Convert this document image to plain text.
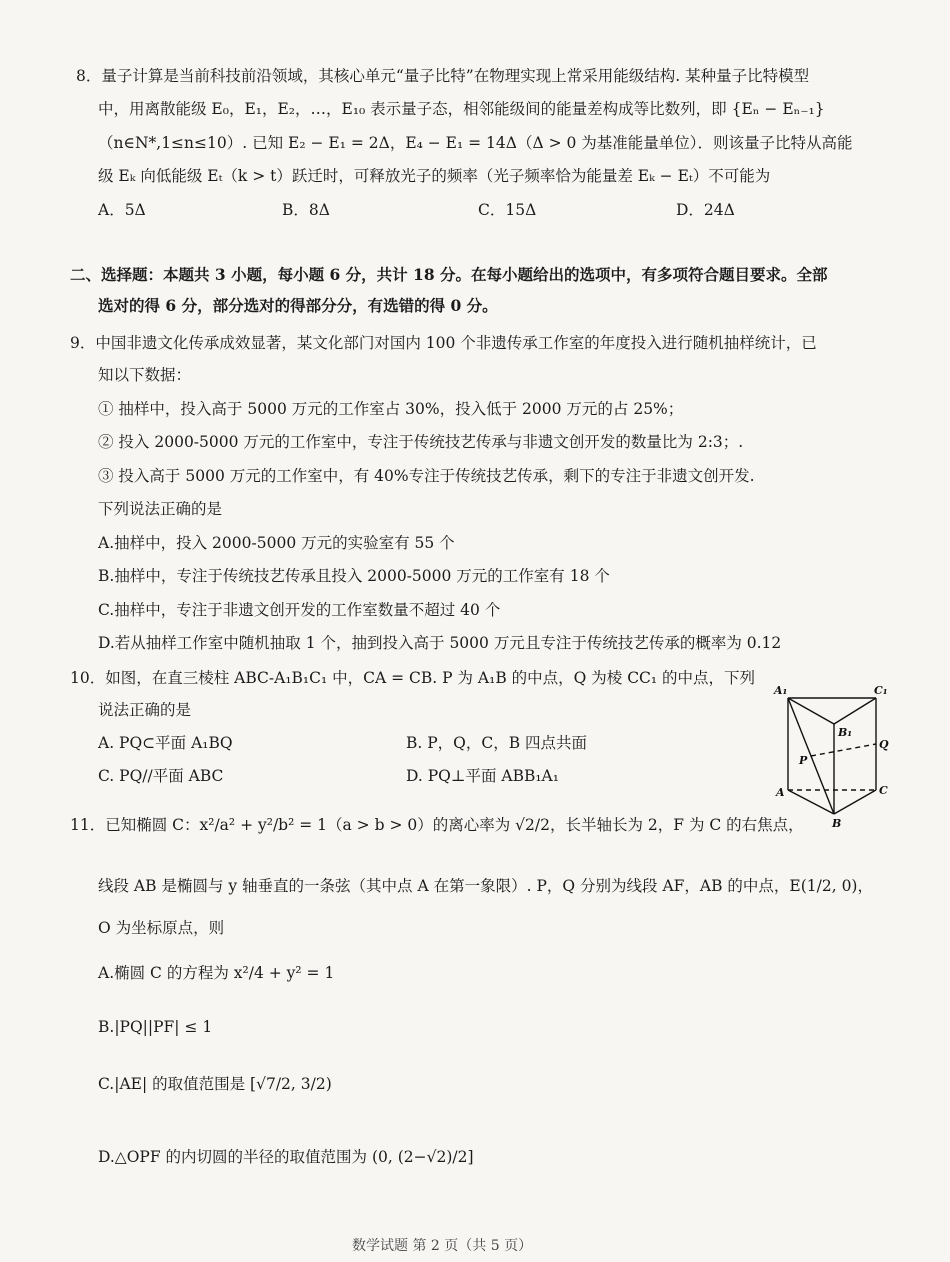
8．量子计算是当前科技前沿领域，其核心单元“量子比特”在物理实现上常采用能级结构. 某种量子比特模型
中，用离散能级 E₀，E₁，E₂，…，E₁₀ 表示量子态，相邻能级间的能量差构成等比数列，即 {Eₙ − Eₙ₋₁}
（n∈N*,1≤n≤10）. 已知 E₂ − E₁ = 2Δ，E₄ − E₁ = 14Δ（Δ > 0 为基准能量单位）．则该量子比特从高能
级 Eₖ 向低能级 Eₜ（k > t）跃迁时，可释放光子的频率（光子频率恰为能量差 Eₖ − Eₜ）不可能为
A．5Δ	B．8Δ	C．15Δ	D．24Δ
二、选择题：本题共 3 小题，每小题 6 分，共计 18 分。在每小题给出的选项中，有多项符合题目要求。全部
选对的得 6 分，部分选对的得部分分，有选错的得 0 分。
9．中国非遗文化传承成效显著，某文化部门对国内 100 个非遗传承工作室的年度投入进行随机抽样统计，已
知以下数据：
① 抽样中，投入高于 5000 万元的工作室占 30%，投入低于 2000 万元的占 25%；
② 投入 2000-5000 万元的工作室中，专注于传统技艺传承与非遗文创开发的数量比为 2:3；.
③ 投入高于 5000 万元的工作室中，有 40%专注于传统技艺传承，剩下的专注于非遗文创开发.
下列说法正确的是
A.抽样中，投入 2000-5000 万元的实验室有 55 个
B.抽样中，专注于传统技艺传承且投入 2000-5000 万元的工作室有 18 个
C.抽样中，专注于非遗文创开发的工作室数量不超过 40 个
D.若从抽样工作室中随机抽取 1 个，抽到投入高于 5000 万元且专注于传统技艺传承的概率为 0.12
10．如图，在直三棱柱 ABC-A₁B₁C₁ 中，CA = CB. P 为 A₁B 的中点，Q 为棱 CC₁ 的中点，下列
说法正确的是
A. PQ⊂平面 A₁BQ	B. P，Q，C，B 四点共面
C. PQ//平面 ABC	D. PQ⊥平面 ABB₁A₁
A₁	C₁
B₁
Q
P
A	C
B
11．已知椭圆 C：x²/a² + y²/b² = 1（a > b > 0）的离心率为 √2/2，长半轴长为 2，F 为 C 的右焦点，
线段 AB 是椭圆与 y 轴垂直的一条弦（其中点 A 在第一象限）. P，Q 分别为线段 AF，AB 的中点，E(1/2, 0)，
O 为坐标原点，则
A.椭圆 C 的方程为 x²/4 + y² = 1
B.|PQ||PF| ≤ 1
C.|AE| 的取值范围是 [√7/2, 3/2)
D.△OPF 的内切圆的半径的取值范围为 (0, (2−√2)/2]
数学试题 第 2 页（共 5 页）
